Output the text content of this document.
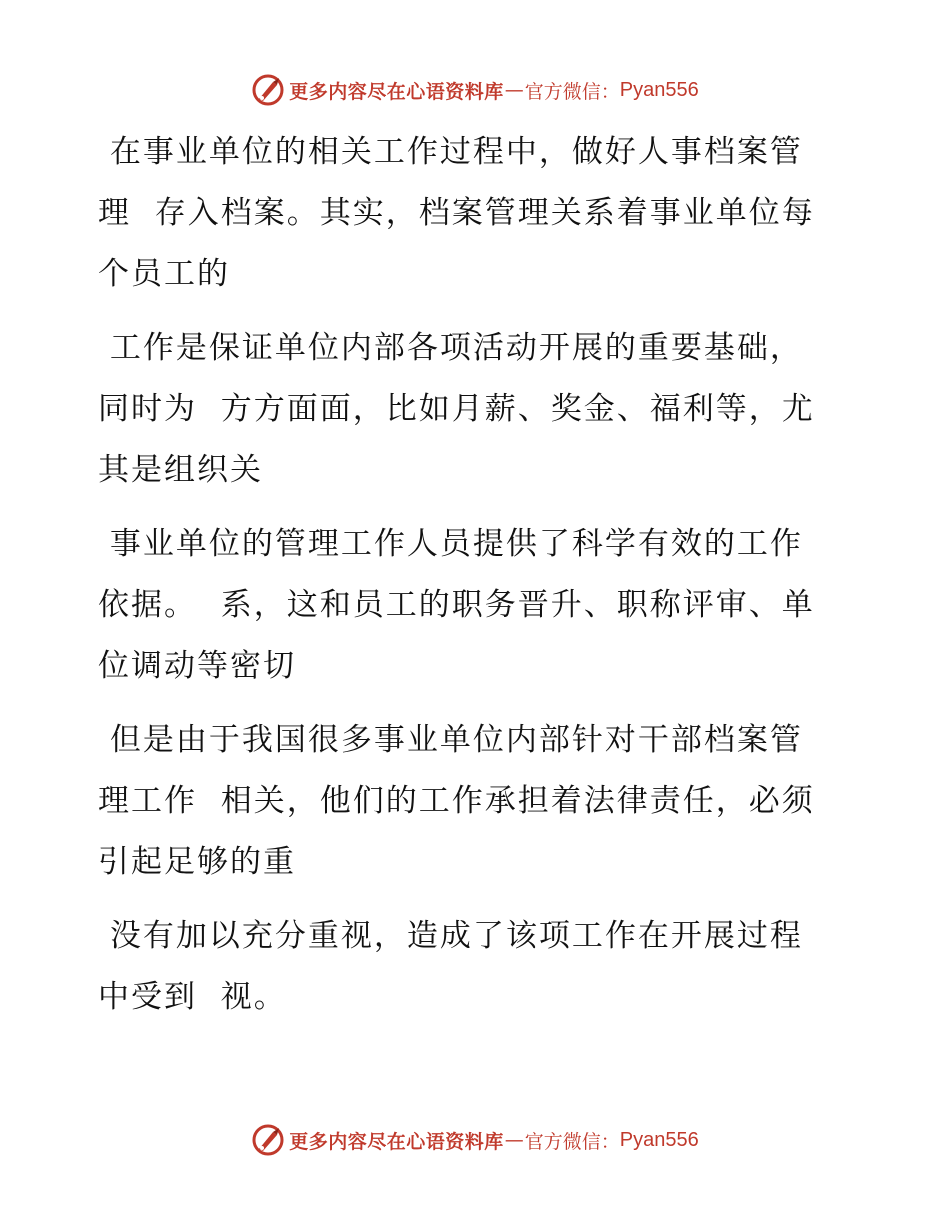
更多内容尽在心语资料库 — 官方微信： Pyan556

在事业单位的相关工作过程中，做好人事档案管
理  存入档案。其实，档案管理关系着事业单位每
个员工的

工作是保证单位内部各项活动开展的重要基础，
同时为  方方面面，比如月薪、奖金、福利等，尤
其是组织关

事业单位的管理工作人员提供了科学有效的工作
依据。  系，这和员工的职务晋升、职称评审、单
位调动等密切

但是由于我国很多事业单位内部针对干部档案管
理工作  相关，他们的工作承担着法律责任，必须
引起足够的重

没有加以充分重视，造成了该项工作在开展过程
中受到  视。

更多内容尽在心语资料库 — 官方微信： Pyan556
